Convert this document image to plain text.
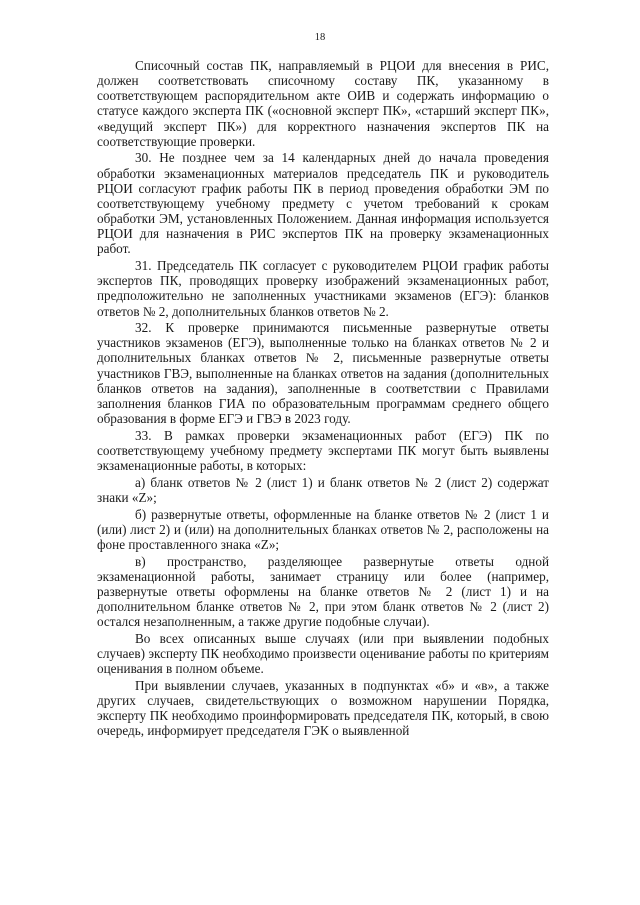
18

Списочный состав ПК, направляемый в РЦОИ для внесения в РИС, должен соответствовать списочному составу ПК, указанному в соответствующем распорядительном акте ОИВ и содержать информацию о статусе каждого эксперта ПК («основной эксперт ПК», «старший эксперт ПК», «ведущий эксперт ПК») для корректного назначения экспертов ПК на соответствующие проверки.

30. Не позднее чем за 14 календарных дней до начала проведения обработки экзаменационных материалов председатель ПК и руководитель РЦОИ согласуют график работы ПК в период проведения обработки ЭМ по соответствующему учебному предмету с учетом требований к срокам обработки ЭМ, установленных Положением. Данная информация используется РЦОИ для назначения в РИС экспертов ПК на проверку экзаменационных работ.

31. Председатель ПК согласует с руководителем РЦОИ график работы экспертов ПК, проводящих проверку изображений экзаменационных работ, предположительно не заполненных участниками экзаменов (ЕГЭ): бланков ответов № 2, дополнительных бланков ответов № 2.

32. К проверке принимаются письменные развернутые ответы участников экзаменов (ЕГЭ), выполненные только на бланках ответов № 2 и дополнительных бланках ответов № 2, письменные развернутые ответы участников ГВЭ, выполненные на бланках ответов на задания (дополнительных бланков ответов на задания), заполненные в соответствии с Правилами заполнения бланков ГИА по образовательным программам среднего общего образования в форме ЕГЭ и ГВЭ в 2023 году.

33. В рамках проверки экзаменационных работ (ЕГЭ) ПК по соответствующему учебному предмету экспертами ПК могут быть выявлены экзаменационные работы, в которых:

а) бланк ответов № 2 (лист 1) и бланк ответов № 2 (лист 2) содержат знаки «Z»;

б) развернутые ответы, оформленные на бланке ответов № 2 (лист 1 и (или) лист 2) и (или) на дополнительных бланках ответов № 2, расположены на фоне проставленного знака «Z»;

в) пространство, разделяющее развернутые ответы одной экзаменационной работы, занимает страницу или более (например, развернутые ответы оформлены на бланке ответов № 2 (лист 1) и на дополнительном бланке ответов № 2, при этом бланк ответов № 2 (лист 2) остался незаполненным, а также другие подобные случаи).

Во всех описанных выше случаях (или при выявлении подобных случаев) эксперту ПК необходимо произвести оценивание работы по критериям оценивания в полном объеме.

При выявлении случаев, указанных в подпунктах «б» и «в», а также других случаев, свидетельствующих о возможном нарушении Порядка, эксперту ПК необходимо проинформировать председателя ПК, который, в свою очередь, информирует председателя ГЭК о выявленной
